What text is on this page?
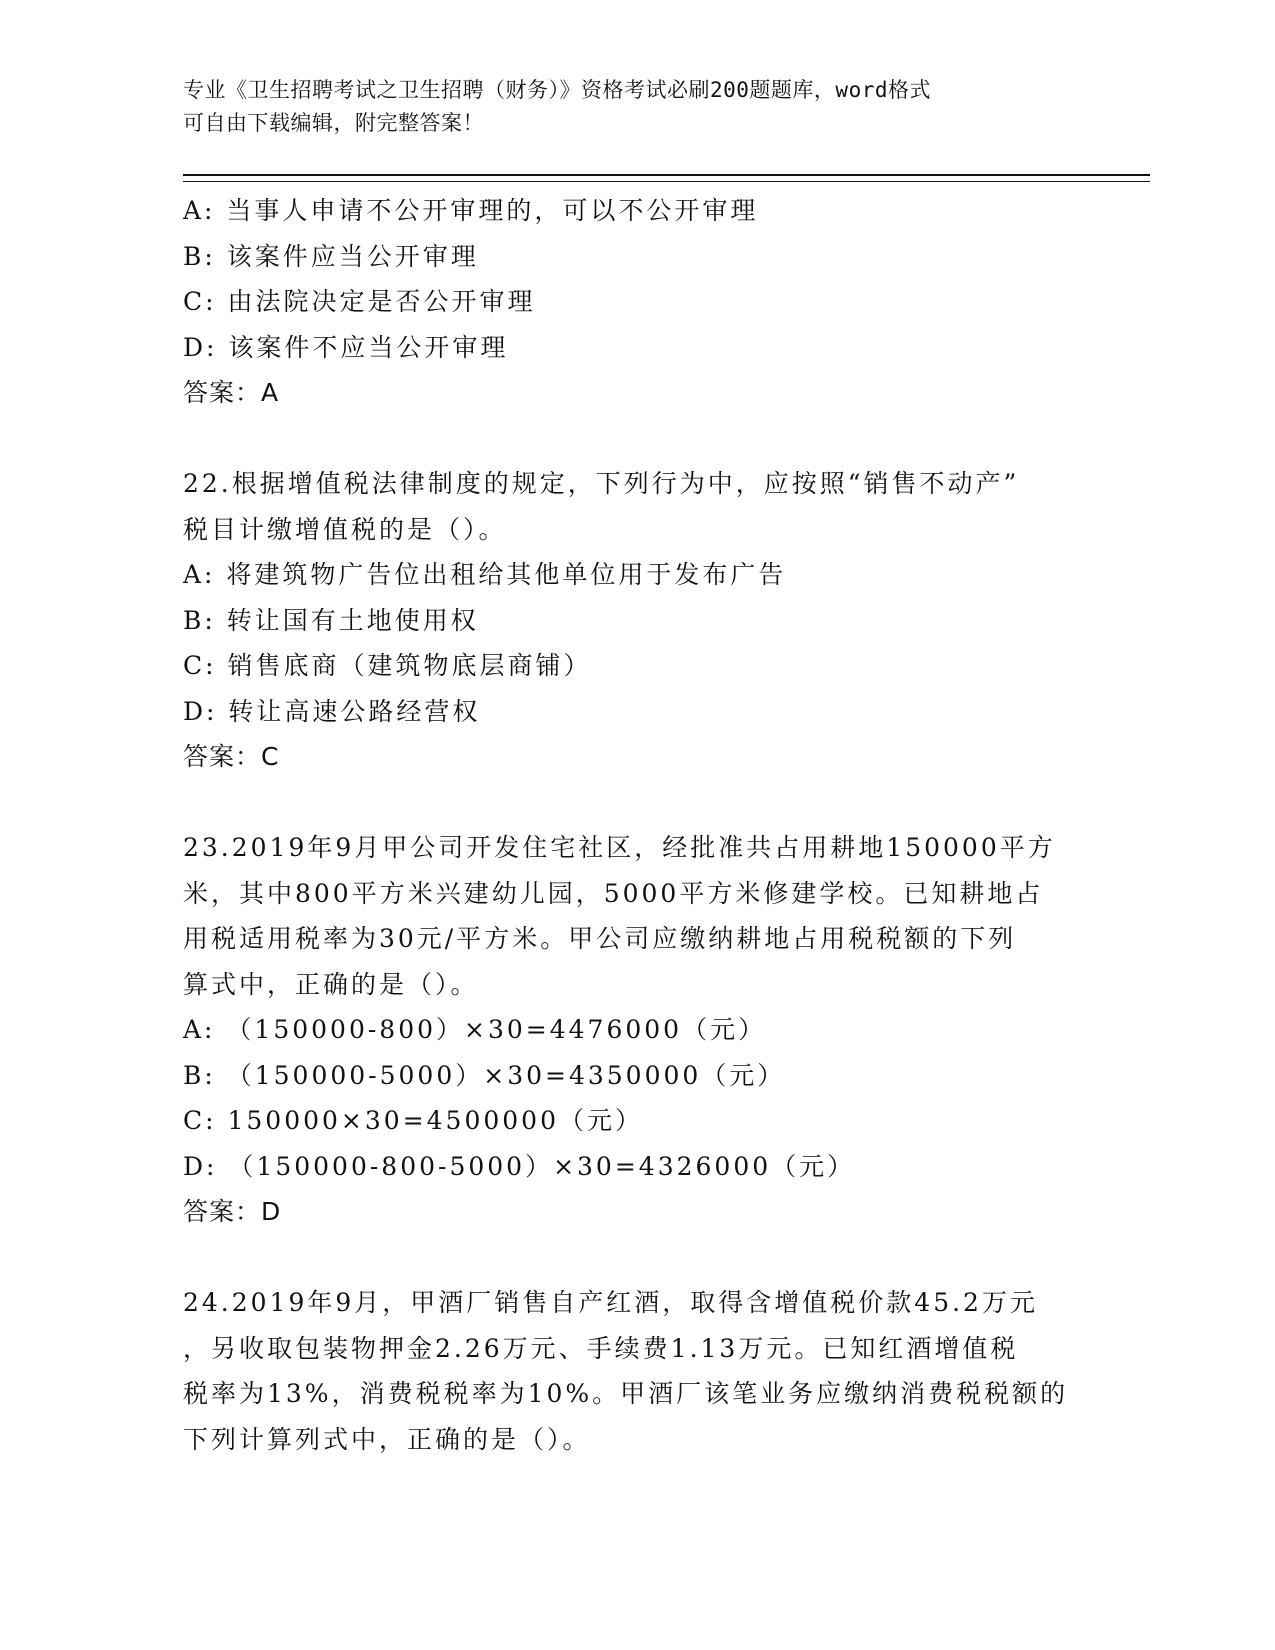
专业《卫生招聘考试之卫生招聘（财务）》资格考试必刷200题题库，word格式
可自由下载编辑，附完整答案！
A: 当事人申请不公开审理的，可以不公开审理
B: 该案件应当公开审理
C: 由法院决定是否公开审理
D: 该案件不应当公开审理
答案：A
22.根据增值税法律制度的规定，下列行为中，应按照“销售不动产”
税目计缴增值税的是（）。
A: 将建筑物广告位出租给其他单位用于发布广告
B: 转让国有土地使用权
C: 销售底商（建筑物底层商铺）
D: 转让高速公路经营权
答案：C
23.2019年9月甲公司开发住宅社区，经批准共占用耕地150000平方
米，其中800平方米兴建幼儿园，5000平方米修建学校。已知耕地占
用税适用税率为30元/平方米。甲公司应缴纳耕地占用税税额的下列
算式中，正确的是（）。
A: （150000-800）×30=4476000（元）
B: （150000-5000）×30=4350000（元）
C: 150000×30=4500000（元）
D: （150000-800-5000）×30=4326000（元）
答案：D
24.2019年9月，甲酒厂销售自产红酒，取得含增值税价款45.2万元
，另收取包装物押金2.26万元、手续费1.13万元。已知红酒增值税
税率为13%，消费税税率为10%。甲酒厂该笔业务应缴纳消费税税额的
下列计算列式中，正确的是（）。
